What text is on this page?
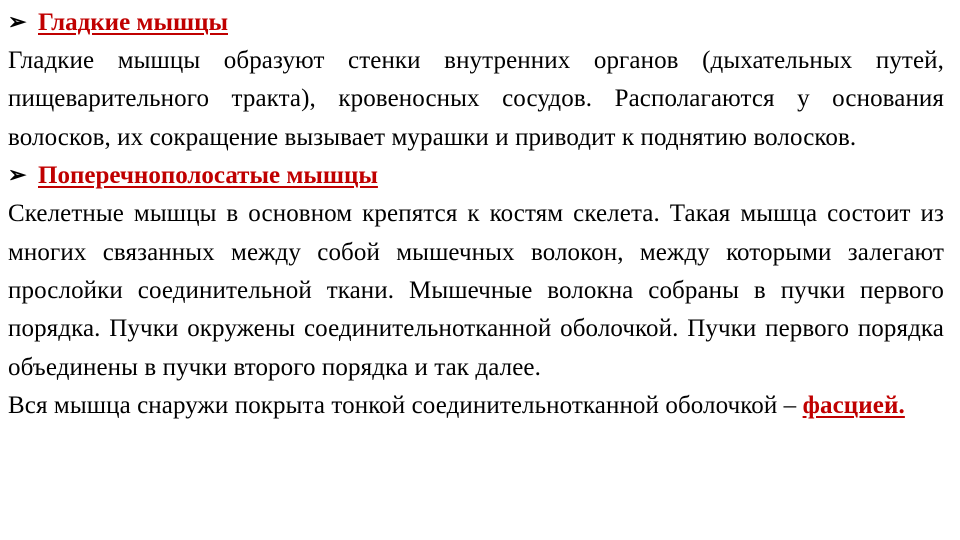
➢ Гладкие мышцы

Гладкие мышцы образуют стенки внутренних органов (дыхательных путей, пищеварительного тракта), кровеносных сосудов. Располагаются у основания волосков, их сокращение вызывает мурашки и приводит к поднятию волосков.

➢ Поперечнополосатые мышцы

Скелетные мышцы в основном крепятся к костям скелета. Такая мышца состоит из многих связанных между собой мышечных волокон, между которыми залегают прослойки соединительной ткани. Мышечные волокна собраны в пучки первого порядка. Пучки окружены соединительнотканной оболочкой. Пучки первого порядка объединены в пучки второго порядка и так далее.

Вся мышца снаружи покрыта тонкой соединительнотканной оболочкой – фасцией.
